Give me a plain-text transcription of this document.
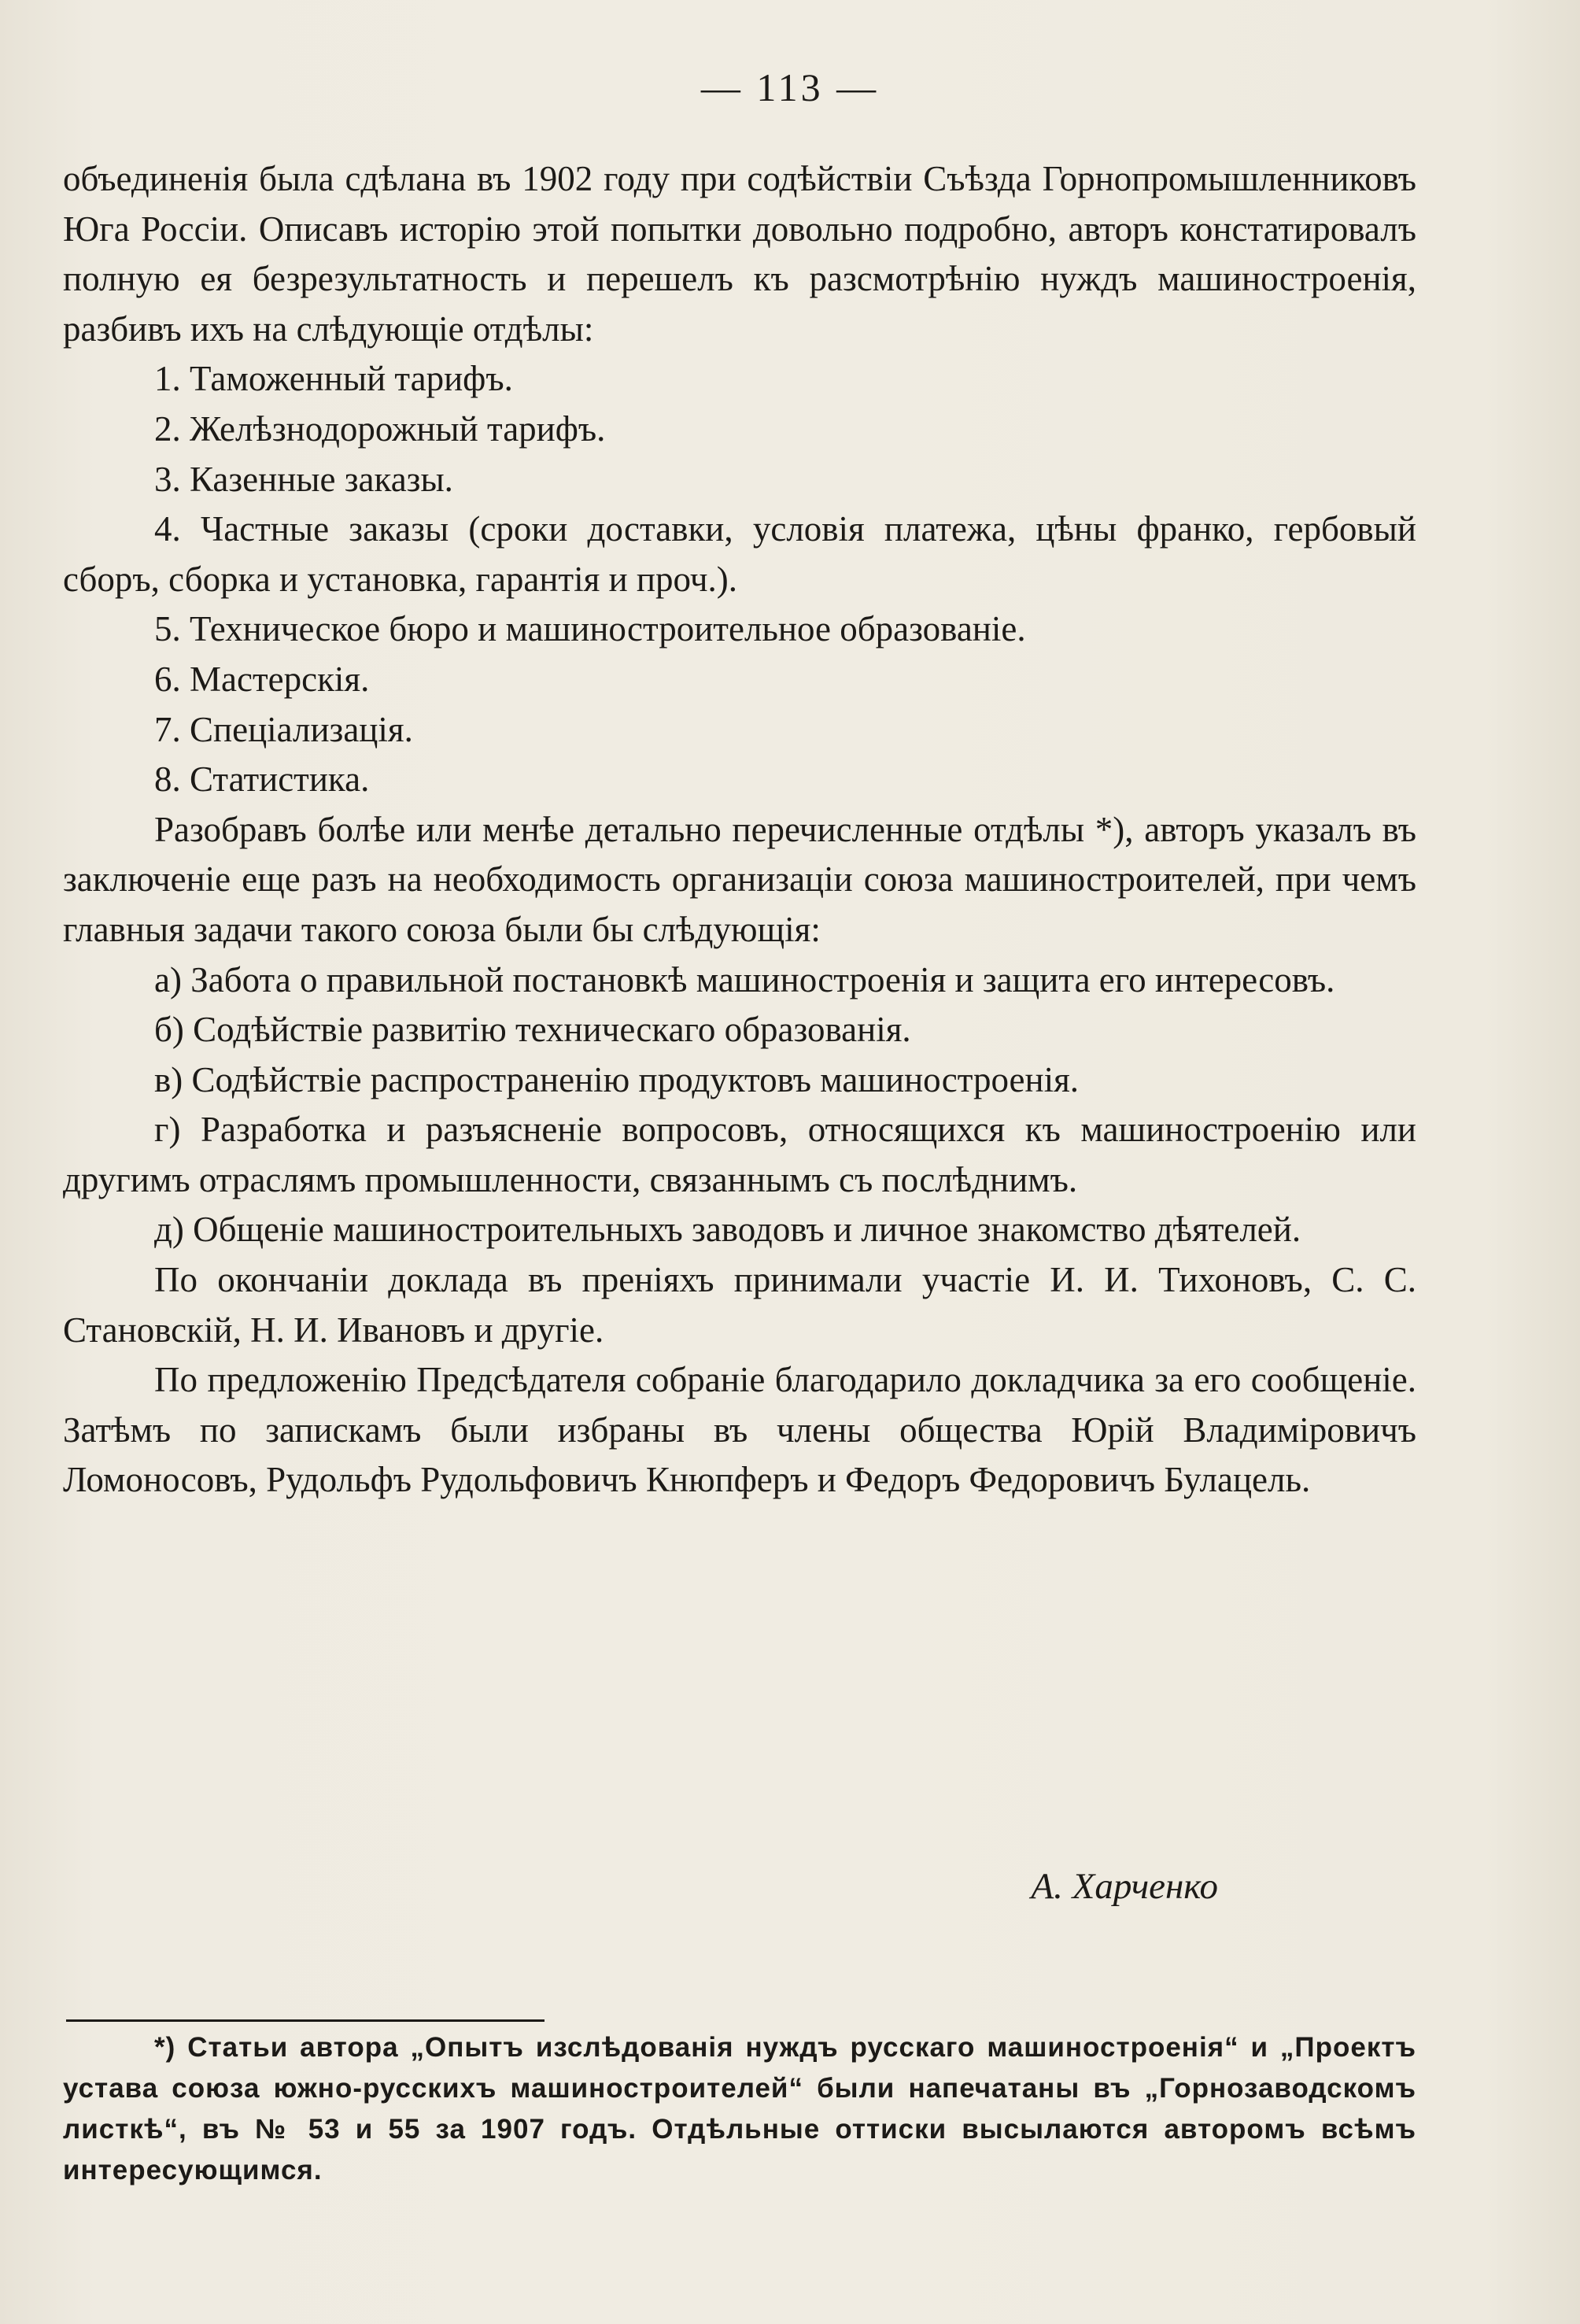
— 113 —

объединенія была сдѣлана въ 1902 году при содѣйствіи Съѣзда Горнопромышленниковъ Юга Россіи. Описавъ исторію этой попытки довольно подробно, авторъ констатировалъ полную ея безрезультатность и перешелъ къ разсмотрѣнію нуждъ машиностроенія, разбивъ ихъ на слѣдующіе отдѣлы:

1. Таможенный тарифъ.

2. Желѣзнодорожный тарифъ.

3. Казенные заказы.

4. Частные заказы (сроки доставки, условія платежа, цѣны франко, гербовый сборъ, сборка и установка, гарантія и проч.).

5. Техническое бюро и машиностроительное образованіе.

6. Мастерскія.

7. Спеціализація.

8. Статистика.

Разобравъ болѣе или менѣе детально перечисленные отдѣлы *), авторъ указалъ въ заключеніе еще разъ на необходимость организаціи союза машиностроителей, при чемъ главныя задачи такого союза были бы слѣдующія:

а) Забота о правильной постановкѣ машиностроенія и защита его интересовъ.

б) Содѣйствіе развитію техническаго образованія.

в) Содѣйствіе распространенію продуктовъ машиностроенія.

г) Разработка и разъясненіе вопросовъ, относящихся къ машиностроенію или другимъ отраслямъ промышленности, связаннымъ съ послѣднимъ.

д) Общеніе машиностроительныхъ заводовъ и личное знакомство дѣятелей.

По окончаніи доклада въ преніяхъ принимали участіе И. И. Тихоновъ, С. С. Становскій, Н. И. Ивановъ и другіе.

По предложенію Предсѣдателя собраніе благодарило докладчика за его сообщеніе. Затѣмъ по запискамъ были избраны въ члены общества Юрій Владиміровичъ Ломоносовъ, Рудольфъ Рудольфовичъ Кнюпферъ и Федоръ Федоровичъ Булацель.

А. Харченко
*) Статьи автора „Опытъ изслѣдованія нуждъ русскаго машиностроенія“ и „Проектъ устава союза южно-русскихъ машиностроителей“ были напечатаны въ „Горнозаводскомъ листкѣ“, въ № 53 и 55 за 1907 годъ. Отдѣльные оттиски высылаются авторомъ всѣмъ интересующимся.
